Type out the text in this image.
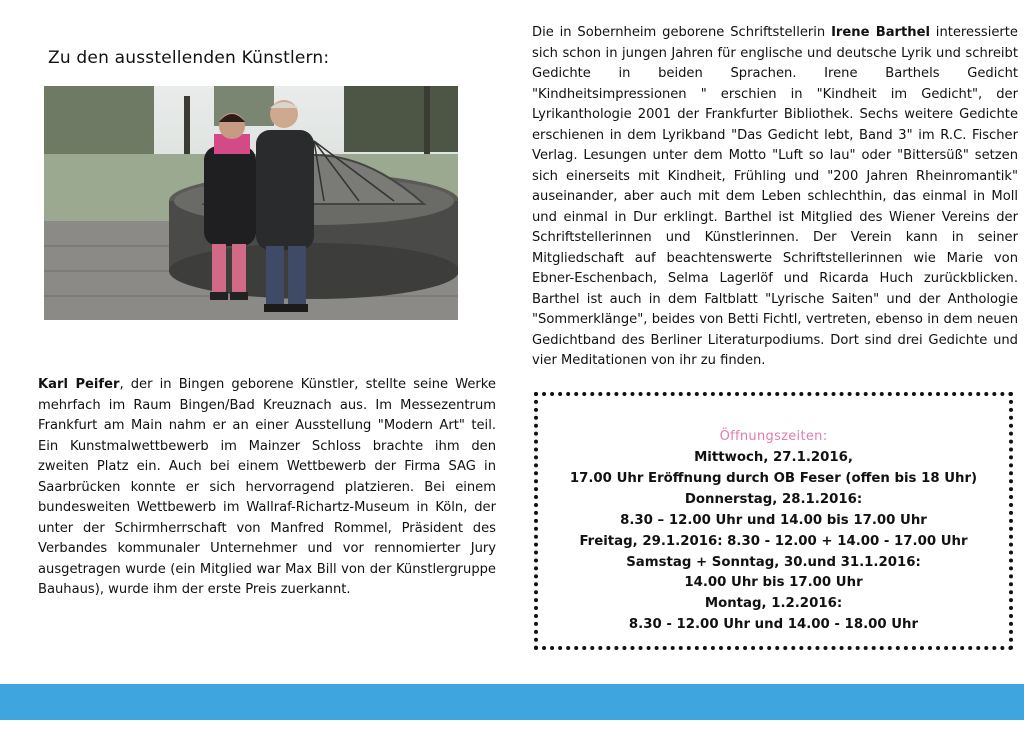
Zu den ausstellenden Künstlern:
Karl Peifer, der in Bingen geborene Künstler, stellte seine Werke mehrfach im Raum Bingen/Bad Kreuznach aus. Im Messezentrum Frankfurt am Main nahm er an einer Ausstellung "Modern Art" teil. Ein Kunstmalwettbewerb im Mainzer Schloss brachte ihm den zweiten Platz ein. Auch bei einem Wettbewerb der Firma SAG in Saarbrücken konnte er sich hervorragend platzieren. Bei einem bundesweiten Wettbewerb im Wallraf-Richartz-Museum in Köln, der unter der Schirmherrschaft von Manfred Rommel, Präsident des Verbandes kommunaler Unternehmer und vor rennomierter Jury ausgetragen wurde (ein Mitglied war Max Bill von der Künstlergruppe Bauhaus), wurde ihm der erste Preis zuerkannt.
Die in Sobernheim geborene Schriftstellerin Irene Barthel interessierte sich schon in jungen Jahren für englische und deutsche Lyrik und schreibt Gedichte in beiden Sprachen. Irene Barthels Gedicht "Kindheitsimpressionen " erschien in "Kindheit im Gedicht", der Lyrikanthologie 2001 der Frankfurter Bibliothek. Sechs weitere Gedichte erschienen in dem Lyrikband "Das Gedicht lebt, Band 3" im R.C. Fischer Verlag. Lesungen unter dem Motto "Luft so lau" oder "Bittersüß" setzen sich einerseits mit Kindheit, Frühling und "200 Jahren Rheinromantik" auseinander, aber auch mit dem Leben schlechthin, das einmal in Moll und einmal in Dur erklingt. Barthel ist Mitglied des Wiener Vereins der Schriftstellerinnen und Künstlerinnen. Der Verein kann in seiner Mitgliedschaft auf beachtenswerte Schriftstellerinnen wie Marie von Ebner-Eschenbach, Selma Lagerlöf und Ricarda Huch zurückblicken. Barthel ist auch in dem Faltblatt "Lyrische Saiten" und der Anthologie "Sommerklänge", beides von Betti Fichtl, vertreten, ebenso in dem neuen Gedichtband des Berliner Literaturpodiums. Dort sind drei Gedichte und vier Meditationen von ihr zu finden.
Öffnungszeiten:
Mittwoch, 27.1.2016,
17.00 Uhr Eröffnung durch OB Feser (offen bis 18 Uhr)
Donnerstag, 28.1.2016:
8.30 – 12.00 Uhr und 14.00 bis 17.00 Uhr
Freitag, 29.1.2016: 8.30 - 12.00 + 14.00 - 17.00 Uhr
Samstag + Sonntag, 30.und 31.1.2016:
14.00 Uhr bis 17.00 Uhr
Montag, 1.2.2016:
8.30 - 12.00 Uhr und 14.00 - 18.00 Uhr
